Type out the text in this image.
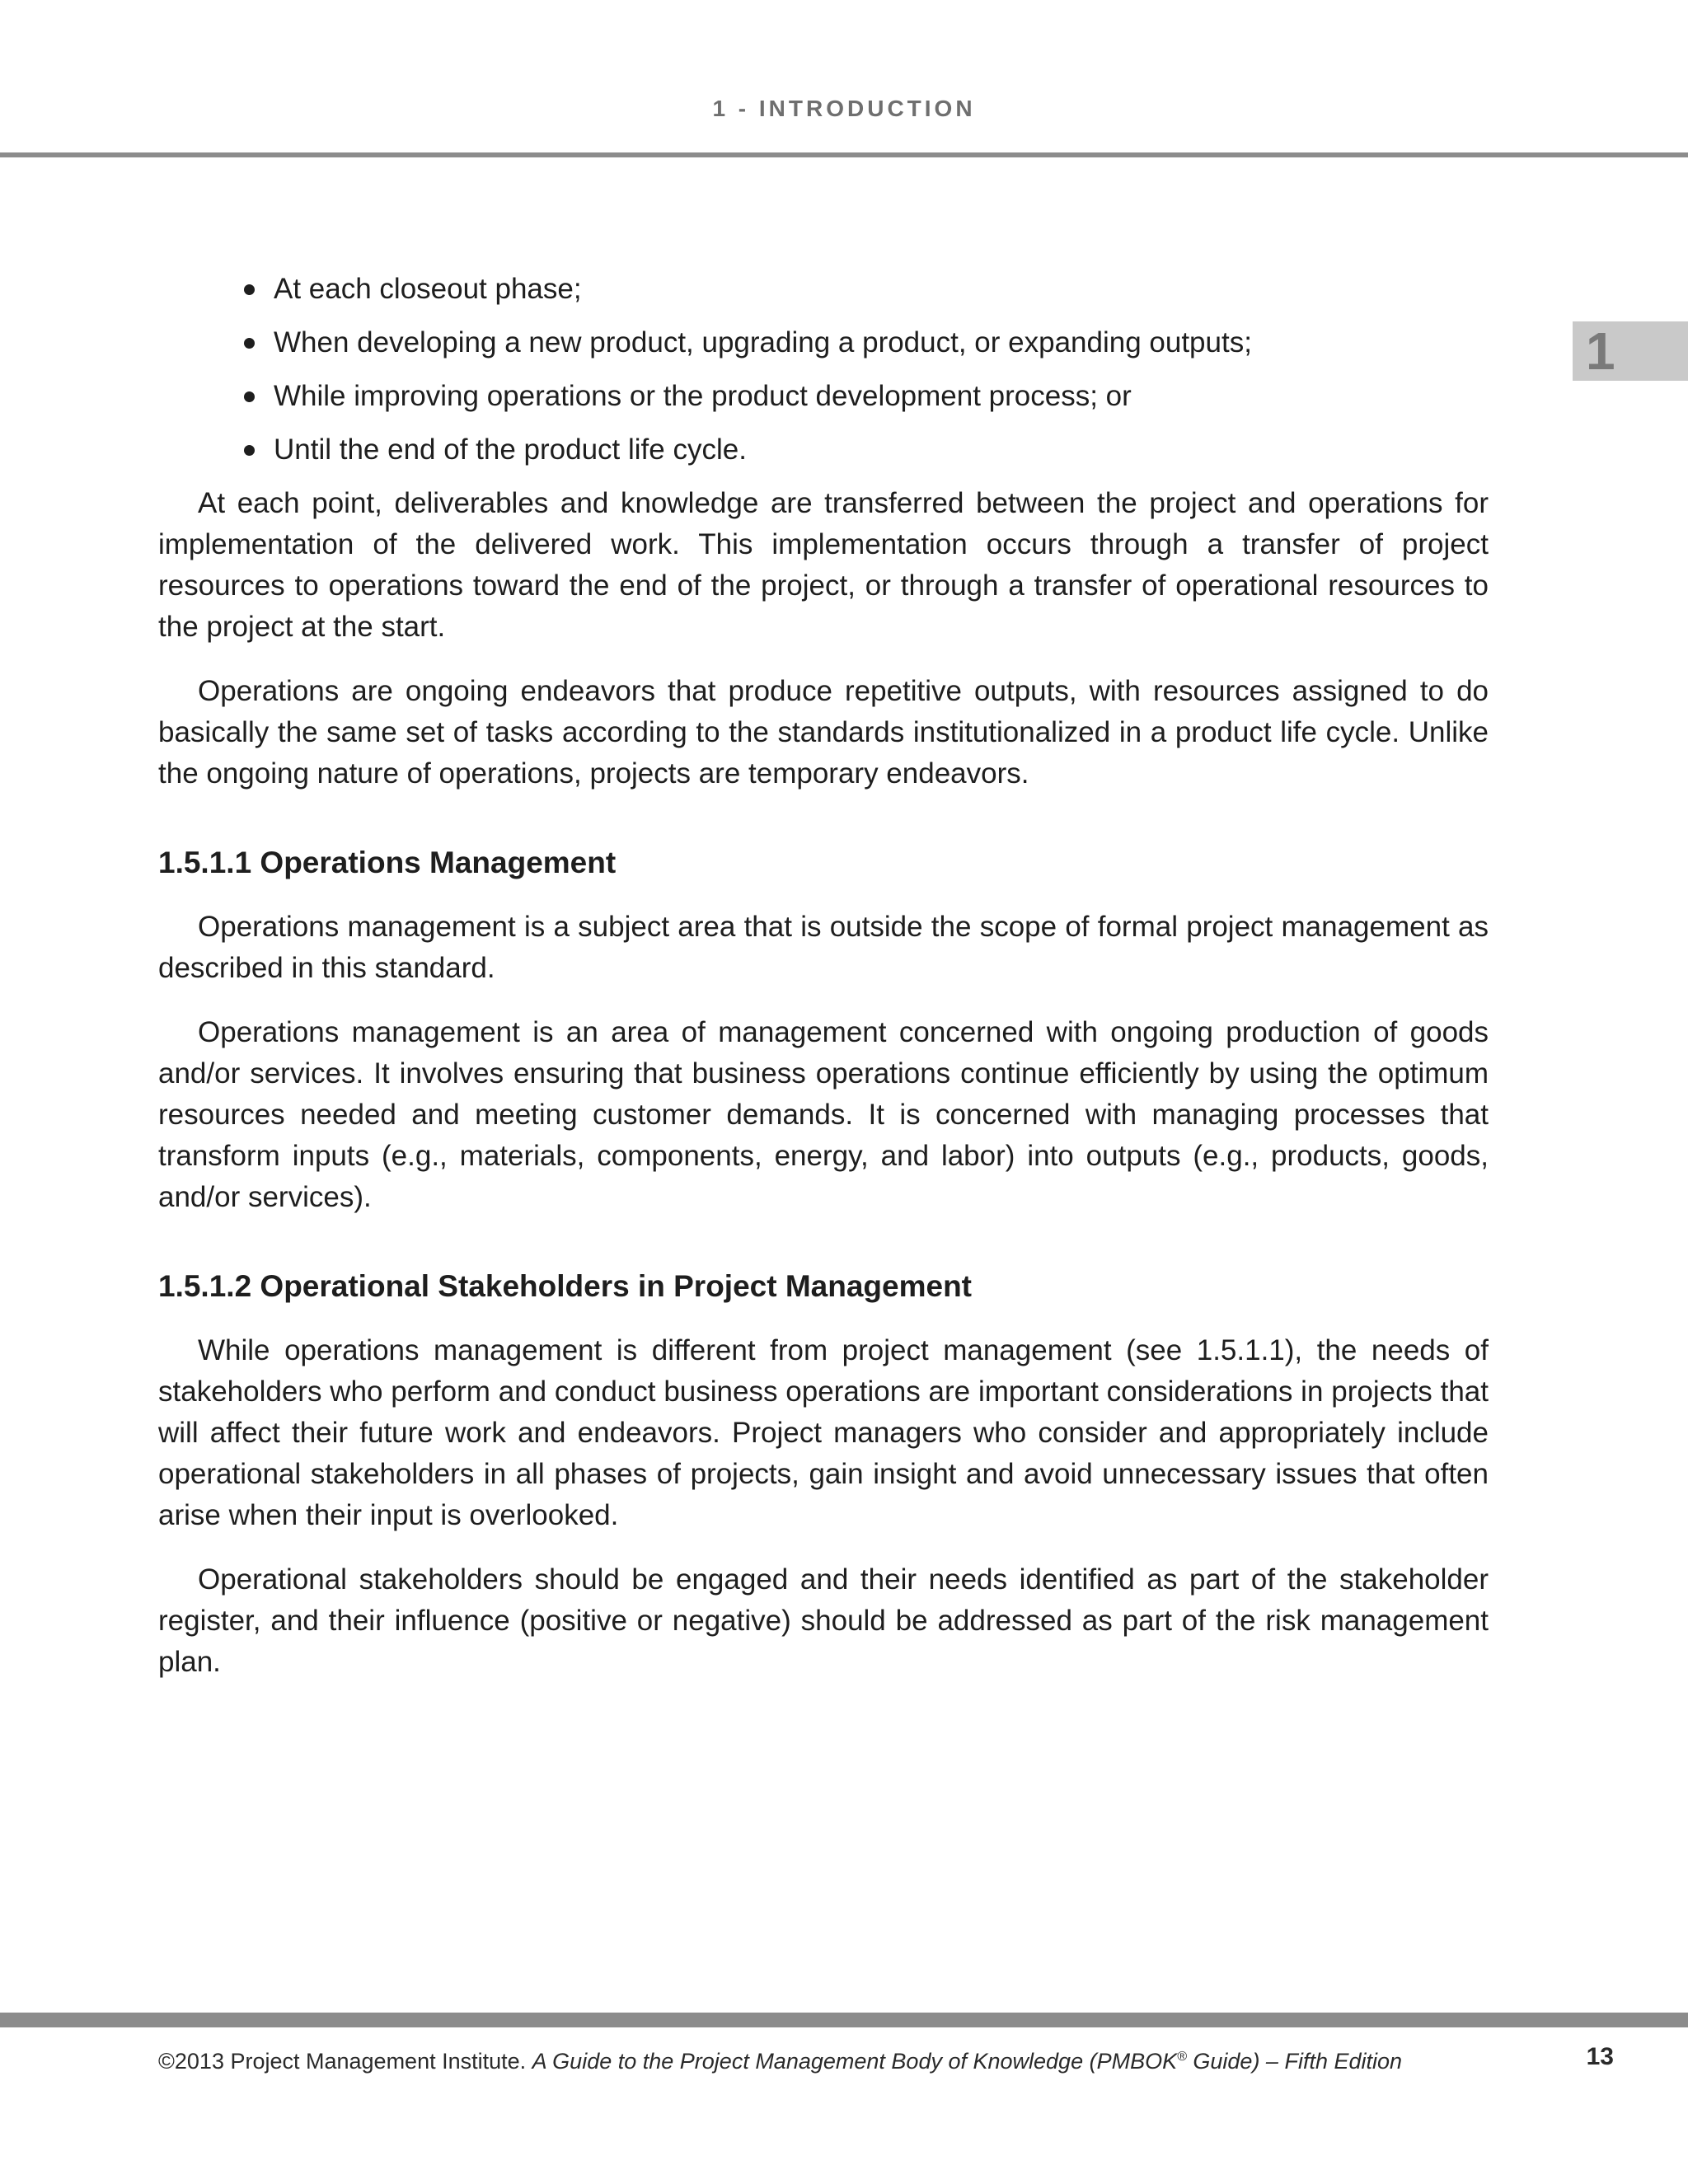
1 - INTRODUCTION
1
At each closeout phase;
When developing a new product, upgrading a product, or expanding outputs;
While improving operations or the product development process; or
Until the end of the product life cycle.

At each point, deliverables and knowledge are transferred between the project and operations for implementation of the delivered work. This implementation occurs through a transfer of project resources to operations toward the end of the project, or through a transfer of operational resources to the project at the start.

Operations are ongoing endeavors that produce repetitive outputs, with resources assigned to do basically the same set of tasks according to the standards institutionalized in a product life cycle. Unlike the ongoing nature of operations, projects are temporary endeavors.

1.5.1.1 Operations Management

Operations management is a subject area that is outside the scope of formal project management as described in this standard.

Operations management is an area of management concerned with ongoing production of goods and/or services. It involves ensuring that business operations continue efficiently by using the optimum resources needed and meeting customer demands. It is concerned with managing processes that transform inputs (e.g., materials, components, energy, and labor) into outputs (e.g., products, goods, and/or services).

1.5.1.2 Operational Stakeholders in Project Management

While operations management is different from project management (see 1.5.1.1), the needs of stakeholders who perform and conduct business operations are important considerations in projects that will affect their future work and endeavors. Project managers who consider and appropriately include operational stakeholders in all phases of projects, gain insight and avoid unnecessary issues that often arise when their input is overlooked.

Operational stakeholders should be engaged and their needs identified as part of the stakeholder register, and their influence (positive or negative) should be addressed as part of the risk management plan.

©2013 Project Management Institute. A Guide to the Project Management Body of Knowledge (PMBOK® Guide) – Fifth Edition	13
